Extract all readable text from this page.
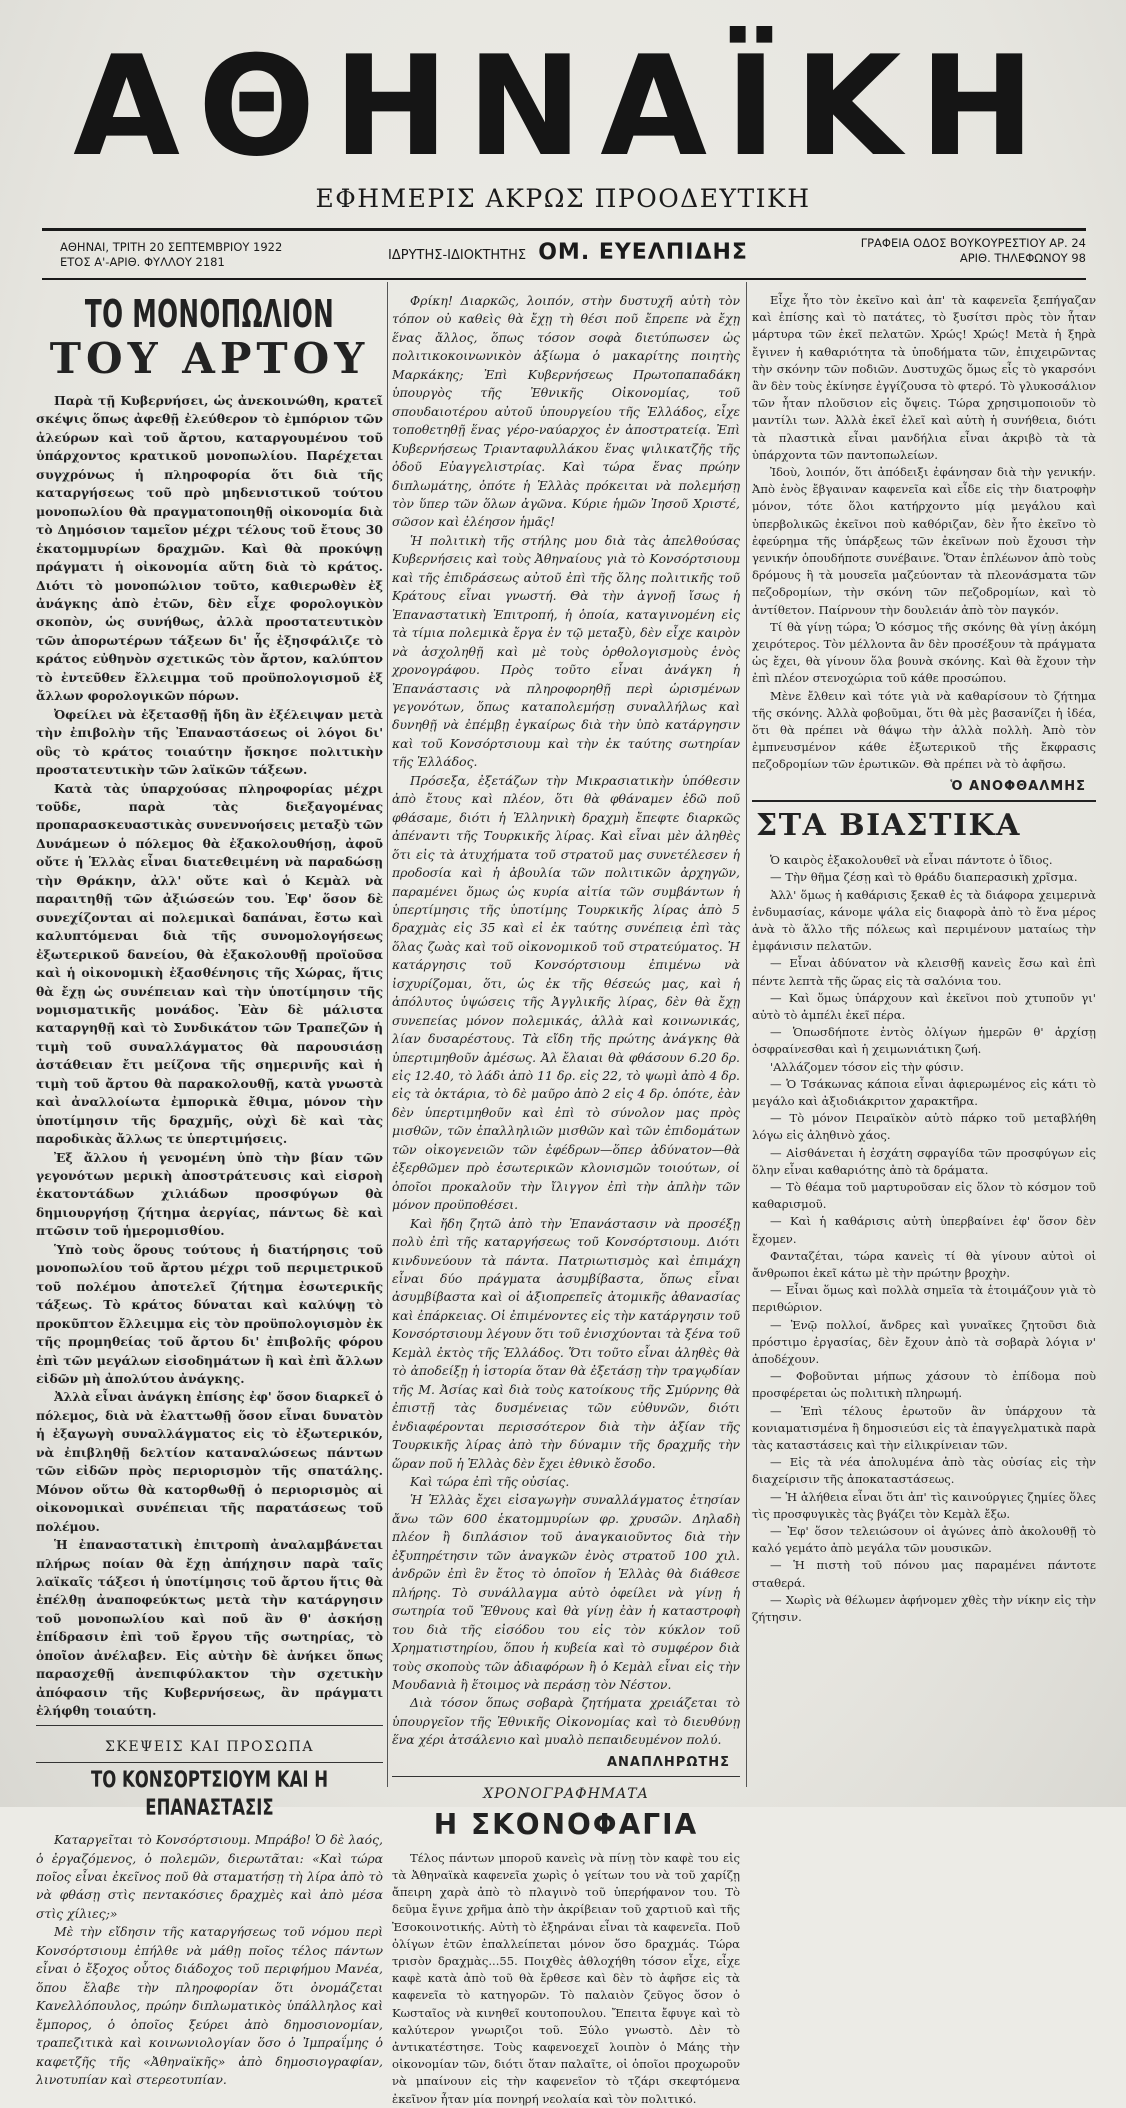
ΑΘΗΝΑΪΚΗ
ΕΦΗΜΕΡΙΣ ΑΚΡΩΣ ΠΡΟΟΔΕΥΤΙΚΗ
ΑΘΗΝΑΙ, ΤΡΙΤΗ 20 ΣΕΠΤΕΜΒΡΙΟΥ 1922
ΕΤΟΣ Α'-ΑΡΙΘ. ΦΥΛΛΟΥ 2181	ΙΔΡΥΤΗΣ-ΙΔΙΟΚΤΗΤΗΣ ΟΜ. ΕΥΕΛΠΙΔΗΣ	ΓΡΑΦΕΙΑ ΟΔΟΣ ΒΟΥΚΟΥΡΕΣΤΙΟΥ ΑΡ. 24
ΑΡΙΘ. ΤΗΛΕΦΩΝΟΥ 98
ΤΟ ΜΟΝΟΠΩΛΙΟΝ
ΤΟΥ ΑΡΤΟΥ

Παρὰ τῇ Κυβερνήσει, ὡς ἀνεκοινώθη, κρατεῖ σκέψις ὅπως ἀφεθῇ ἐλεύθερον τὸ ἐμπόριον τῶν ἀλεύρων καὶ τοῦ ἄρτου, καταργουμένου τοῦ ὑπάρχοντος κρατικοῦ μονοπωλίου. Παρέχεται συγχρόνως ἡ πληροφορία ὅτι διὰ τῆς καταργήσεως τοῦ πρὸ μηδενιστικοῦ τούτου μονοπωλίου θὰ πραγματοποιηθῇ οἰκονομία διὰ τὸ Δημόσιον ταμεῖον μέχρι τέλους τοῦ ἔτους 30 ἑκατομμυρίων δραχμῶν. Καὶ θὰ προκύψῃ πράγματι ἡ οἰκονομία αὕτη διὰ τὸ κράτος. Διότι τὸ μονοπώλιον τοῦτο, καθιερωθὲν ἐξ ἀνάγκης ἀπὸ ἐτῶν, δὲν εἶχε φορολογικὸν σκοπὸν, ὡς συνήθως, ἀλλὰ προστατευτικὸν τῶν ἀπορωτέρων τάξεων δι' ἧς ἐξησφάλιζε τὸ κράτος εὐθηνὸν σχετικῶς τὸν ἄρτον, καλύπτον τὸ ἐντεῦθεν ἔλλειμμα τοῦ προϋπολογισμοῦ ἐξ ἄλλων φορολογικῶν πόρων.

Ὀφείλει νὰ ἐξετασθῇ ἤδη ἂν ἐξέλειψαν μετὰ τὴν ἐπιβολὴν τῆς Ἐπαναστάσεως οἱ λόγοι δι' οὓς τὸ κράτος τοιαύτην ἤσκησε πολιτικὴν προστατευτικὴν τῶν λαϊκῶν τάξεων.

Κατὰ τὰς ὑπαρχούσας πληροφορίας μέχρι τοῦδε, παρὰ τὰς διεξαγομένας προπαρασκευαστικὰς συνεννοήσεις μεταξὺ τῶν Δυνάμεων ὁ πόλεμος θὰ ἐξακολουθήσῃ, ἀφοῦ οὔτε ἡ Ἑλλὰς εἶναι διατεθειμένη νὰ παραδώσῃ τὴν Θράκην, ἀλλ' οὔτε καὶ ὁ Κεμὰλ νὰ παραιτηθῇ τῶν ἀξιώσεών του. Ἐφ' ὅσον δὲ συνεχίζονται αἱ πολεμικαὶ δαπάναι, ἔστω καὶ καλυπτόμεναι διὰ τῆς συνομολογήσεως ἐξωτερικοῦ δανείου, θὰ ἐξακολουθῇ προϊοῦσα καὶ ἡ οἰκονομικὴ ἐξασθένησις τῆς Χώρας, ἥτις θὰ ἔχῃ ὡς συνέπειαν καὶ τὴν ὑποτίμησιν τῆς νομισματικῆς μονάδος. Ἐὰν δὲ μάλιστα καταργηθῇ καὶ τὸ Συνδικάτον τῶν Τραπεζῶν ἡ τιμὴ τοῦ συναλλάγματος θὰ παρουσιάσῃ ἀστάθειαν ἔτι μείζονα τῆς σημερινῆς καὶ ἡ τιμὴ τοῦ ἄρτου θὰ παρακολουθῇ, κατὰ γνωστὰ καὶ ἀναλλοίωτα ἐμπορικὰ ἔθιμα, μόνον τὴν ὑποτίμησιν τῆς δραχμῆς, οὐχὶ δὲ καὶ τὰς παροδικὰς ἄλλως τε ὑπερτιμήσεις.

Ἐξ ἄλλου ἡ γενομένη ὑπὸ τὴν βίαν τῶν γεγονότων μερικὴ ἀποστράτευσις καὶ εἰσροὴ ἑκατοντάδων χιλιάδων προσφύγων θὰ δημιουργήσῃ ζήτημα ἀεργίας, πάντως δὲ καὶ πτῶσιν τοῦ ἡμερομισθίου.

Ὑπὸ τοὺς ὅρους τούτους ἡ διατήρησις τοῦ μονοπωλίου τοῦ ἄρτου μέχρι τοῦ περιμετρικοῦ τοῦ πολέμου ἀποτελεῖ ζήτημα ἐσωτερικῆς τάξεως. Τὸ κράτος δύναται καὶ καλύψῃ τὸ προκῦπτον ἔλλειμμα εἰς τὸν προϋπολογισμὸν ἐκ τῆς προμηθείας τοῦ ἄρτου δι' ἐπιβολῆς φόρου ἐπὶ τῶν μεγάλων εἰσοδημάτων ἢ καὶ ἐπὶ ἄλλων εἰδῶν μὴ ἀπολύτου ἀνάγκης.

Ἀλλὰ εἶναι ἀνάγκη ἐπίσης ἐφ' ὅσον διαρκεῖ ὁ πόλεμος, διὰ νὰ ἐλαττωθῇ ὅσον εἶναι δυνατὸν ἡ ἐξαγωγὴ συναλλάγματος εἰς τὸ ἐξωτερικόν, νὰ ἐπιβληθῇ δελτίον καταναλώσεως πάντων τῶν εἰδῶν πρὸς περιορισμὸν τῆς σπατάλης. Μόνον οὕτω θὰ κατορθωθῇ ὁ περιορισμὸς αἱ οἰκονομικαὶ συνέπειαι τῆς παρατάσεως τοῦ πολέμου.

Ἡ ἐπαναστατικὴ ἐπιτροπὴ ἀναλαμβάνεται πλήρως ποίαν θὰ ἔχῃ ἀπήχησιν παρὰ ταῖς λαϊκαῖς τάξεσι ἡ ὑποτίμησις τοῦ ἄρτου ἥτις θὰ ἐπέλθῃ ἀναποφεύκτως μετὰ τὴν κατάργησιν τοῦ μονοπωλίου καὶ ποῦ ἂν θ' ἀσκήσῃ ἐπίδρασιν ἐπὶ τοῦ ἔργου τῆς σωτηρίας, τὸ ὁποῖον ἀνέλαβεν. Εἰς αὐτὴν δὲ ἀνήκει ὅπως παρασχεθῇ ἀνεπιφύλακτον τὴν σχετικὴν ἀπόφασιν τῆς Κυβερνήσεως, ἂν πράγματι ἐλήφθη τοιαύτη.

ΣΚΕΨΕΙΣ ΚΑΙ ΠΡΟΣΩΠΑ
ΤΟ ΚΟΝΣΟΡΤΣΙΟΥΜ ΚΑΙ Η ΕΠΑΝΑΣΤΑΣΙΣ

Καταργεῖται τὸ Κονσόρτσιουμ. Μπράβο! Ὁ δὲ λαός, ὁ ἐργαζόμενος, ὁ πολεμῶν, διερωτᾶται: «Καὶ τώρα ποῖος εἶναι ἐκεῖνος ποῦ θὰ σταματήσῃ τὴ λίρα ἀπὸ τὸ νὰ φθάσῃ στὶς πεντακόσιες δραχμὲς καὶ ἀπὸ μέσα στὶς χίλιες;»

Μὲ τὴν εἴδησιν τῆς καταργήσεως τοῦ νόμου περὶ Κονσόρτσιουμ ἐπήλθε νὰ μάθῃ ποῖος τέλος πάντων εἶναι ὁ ἔξοχος οὗτος διάδοχος τοῦ περιφήμου Μανέα, ὅπου ἔλαβε τὴν πληροφορίαν ὅτι ὀνομάζεται Κανελλόπουλος, πρώην διπλωματικὸς ὑπάλληλος καὶ ἔμπορος, ὁ ὁποῖος ξεύρει ἀπὸ δημοσιονομίαν, τραπεζιτικὰ καὶ κοινωνιολογίαν ὅσο ὁ Ἰμπραΐμης ὁ καφετζῆς τῆς «Ἀθηναϊκῆς» ἀπὸ δημοσιογραφίαν, λινοτυπίαν καὶ στερεοτυπίαν.

Φρίκη! Διαρκῶς, λοιπόν, στὴν δυστυχῆ αὐτὴ τὸν τόπον οὐ καθεὶς θὰ ἔχῃ τὴ θέσι ποῦ ἔπρεπε νὰ ἔχῃ ἕνας ἄλλος, ὅπως τόσον σοφὰ διετύπωσεν ὡς πολιτικοκοινωνικὸν ἀξίωμα ὁ μακαρίτης ποιητὴς Μαρκάκης; Ἐπὶ Κυβερνήσεως Πρωτοπαπαδάκη ὑπουργὸς τῆς Ἐθνικῆς Οἰκονομίας, τοῦ σπουδαιοτέρου αὐτοῦ ὑπουργείου τῆς Ἑλλάδος, εἶχε τοποθετηθῇ ἕνας γέρο-ναύαρχος ἐν ἀποστρατείᾳ. Ἐπὶ Κυβερνήσεως Τριανταφυλλάκου ἕνας ψιλικατζῆς τῆς ὁδοῦ Εὐαγγελιστρίας. Καὶ τώρα ἕνας πρώην διπλωμάτης, ὁπότε ἡ Ἑλλὰς πρόκειται νὰ πολεμήσῃ τὸν ὕπερ τῶν ὅλων ἀγῶνα. Κύριε ἡμῶν Ἰησοῦ Χριστέ, σῶσον καὶ ἐλέησον ἡμᾶς!

Ἡ πολιτικὴ τῆς στήλης μου διὰ τὰς ἀπελθούσας Κυβερνήσεις καὶ τοὺς Ἀθηναίους γιὰ τὸ Κονσόρτσιουμ καὶ τῆς ἐπιδράσεως αὐτοῦ ἐπὶ τῆς ὅλης πολιτικῆς τοῦ Κράτους εἶναι γνωστή. Θὰ τὴν ἀγνοῇ ἴσως ἡ Ἐπαναστατικὴ Ἐπιτροπή, ἡ ὁποία, καταγινομένη εἰς τὰ τίμια πολεμικὰ ἔργα ἐν τῷ μεταξὺ, δὲν εἶχε καιρὸν νὰ ἀσχοληθῇ καὶ μὲ τοὺς ὀρθολογισμοὺς ἑνὸς χρονογράφου. Πρὸς τοῦτο εἶναι ἀνάγκη ἡ Ἐπανάστασις νὰ πληροφορηθῇ περὶ ὡρισμένων γεγονότων, ὅπως καταπολεμήσῃ συναλλήλως καὶ δυνηθῇ νὰ ἐπέμβῃ ἐγκαίρως διὰ τὴν ὑπὸ κατάργησιν καὶ τοῦ Κονσόρτσιουμ καὶ τὴν ἐκ ταύτης σωτηρίαν τῆς Ἑλλάδος.

Πρόσεξα, ἐξετάζων τὴν Μικρασιατικὴν ὑπόθεσιν ἀπὸ ἔτους καὶ πλέον, ὅτι θὰ φθάναμεν ἐδῶ ποῦ φθάσαμε, διότι ἡ Ἑλληνικὴ δραχμὴ ἔπεφτε διαρκῶς ἀπέναντι τῆς Τουρκικῆς λίρας. Καὶ εἶναι μὲν ἀληθὲς ὅτι εἰς τὰ ἀτυχήματα τοῦ στρατοῦ μας συνετέλεσεν ἡ προδοσία καὶ ἡ ἀβουλία τῶν πολιτικῶν ἀρχηγῶν, παραμένει ὅμως ὡς κυρία αἰτία τῶν συμβάντων ἡ ὑπερτίμησις τῆς ὑποτίμης Τουρκικῆς λίρας ἀπὸ 5 δραχμὰς εἰς 35 καὶ εἰ ἐκ ταύτης συνέπειᾳ ἐπὶ τὰς ὅλας ζωὰς καὶ τοῦ οἰκονομικοῦ τοῦ στρατεύματος. Ἡ κατάργησις τοῦ Κονσόρτσιουμ ἐπιμένω νὰ ἰσχυρίζομαι, ὅτι, ὡς ἐκ τῆς θέσεώς μας, καὶ ἡ ἀπόλυτος ὑψώσεις τῆς Ἀγγλικῆς λίρας, δὲν θὰ ἔχῃ συνεπείας μόνον πολεμικάς, ἀλλὰ καὶ κοινωνικάς, λίαν δυσαρέστους. Τὰ εἴδη τῆς πρώτης ἀνάγκης θὰ ὑπερτιμηθοῦν ἀμέσως. Ἀλ ἔλαιαι θὰ φθάσουν 6.20 δρ. εἰς 12.40, τὸ λάδι ἀπὸ 11 δρ. εἰς 22, τὸ ψωμὶ ἀπὸ 4 δρ. εἰς τὰ ὀκτάρια, τὸ δὲ μαῦρο ἀπὸ 2 εἰς 4 δρ. ὁπότε, ἐὰν δὲν ὑπερτιμηθοῦν καὶ ἐπὶ τὸ σύνολον μας πρὸς μισθῶν, τῶν ἐπαλληλιῶν μισθῶν καὶ τῶν ἐπιδομάτων τῶν οἰκογενειῶν τῶν ἐφέδρων—ὅπερ ἀδύνατον—θὰ ἐξερθῶμεν πρὸ ἐσωτερικῶν κλονισμῶν τοιούτων, οἱ ὁποῖοι προκαλοῦν τὴν ἴλιγγον ἐπὶ τὴν ἀπλὴν τῶν μόνον προϋποθέσει.

Καὶ ἤδη ζητῶ ἀπὸ τὴν Ἐπανάστασιν νὰ προσέξῃ πολὺ ἐπὶ τῆς καταργήσεως τοῦ Κονσόρτσιουμ. Διότι κινδυνεύουν τὰ πάντα. Πατριωτισμὸς καὶ ἐπιμάχη εἶναι δύο πράγματα ἀσυμβίβαστα, ὅπως εἶναι ἀσυμβίβαστα καὶ οἱ ἀξιοπρεπεῖς ἀτομικῆς ἀθανασίας καὶ ἐπάρκειας. Οἱ ἐπιμένοντες εἰς τὴν κατάργησιν τοῦ Κονσόρτσιουμ λέγουν ὅτι τοῦ ἐνισχύονται τὰ ξένα τοῦ Κεμὰλ ἐκτὸς τῆς Ἑλλάδος. Ὅτι τοῦτο εἶναι ἀληθὲς θὰ τὸ ἀποδείξῃ ἡ ἱστορία ὅταν θὰ ἐξετάσῃ τὴν τραγῳδίαν τῆς Μ. Ἀσίας καὶ διὰ τοὺς κατοίκους τῆς Σμύρνης θὰ ἐπιστῇ τὰς δυσμένειας τῶν εὐθυνῶν, διότι ἐνδιαφέρονται περισσότερον διὰ τὴν ἀξίαν τῆς Τουρκικῆς λίρας ἀπὸ τὴν δύναμιν τῆς δραχμῆς τὴν ὥραν ποῦ ἡ Ἑλλὰς δὲν ἔχει ἐθνικὸ ἔσοδο.

Καὶ τώρα ἐπὶ τῆς οὐσίας.

Ἡ Ἑλλὰς ἔχει εἰσαγωγὴν συναλλάγματος ἐτησίαν ἄνω τῶν 600 ἑκατομμυρίων φρ. χρυσῶν. Δηλαδὴ πλέον ἢ διπλάσιον τοῦ ἀναγκαιοῦντος διὰ τὴν ἐξυπηρέτησιν τῶν ἀναγκῶν ἐνὸς στρατοῦ 100 χιλ. ἀνδρῶν ἐπὶ ἓν ἔτος τὸ ὁποῖον ἡ Ἑλλὰς θὰ διάθεσε πλήρης. Τὸ συνάλλαγμα αὐτὸ ὀφείλει νὰ γίνῃ ἡ σωτηρία τοῦ Ἔθνους καὶ θὰ γίνῃ ἐὰν ἡ καταστροφὴ του διὰ τῆς εἰσόδου του εἰς τὸν κύκλον τοῦ Χρηματιστηρίου, ὅπου ἡ κυβεία καὶ τὸ συμφέρον διὰ τοὺς σκοποὺς τῶν ἀδιαφόρων ἢ ὁ Κεμὰλ εἶναι εἰς τὴν Μουδανιὰ ἢ ἕτοιμος νὰ περάσῃ τὸν Νέστον.

Διὰ τόσον ὅπως σοβαρὰ ζητήματα χρειάζεται τὸ ὑπουργεῖον τῆς Ἐθνικῆς Οἰκονομίας καὶ τὸ διευθύνῃ ἕνα χέρι ἀτσάλενιο καὶ μυαλὸ πεπαιδευμένον πολύ.

ΑΝΑΠΛΗΡΩΤΗΣ
ΧΡΟΝΟΓΡΑΦΗΜΑΤΑ
Η ΣΚΟΝΟΦΑΓΙΑ

Τέλος πάντων μποροῦ κανεὶς νὰ πίνῃ τὸν καφὲ του εἰς τὰ Ἀθηναϊκὰ καφενεῖα χωρὶς ὁ γείτων του νὰ τοῦ χαρίζῃ ἄπειρη χαρὰ ἀπὸ τὸ πλαγινὸ τοῦ ὑπερήφανον του. Τὸ δεῦμα ἔγινε χρῆμα ἀπὸ τὴν ἀκρίβειαν τοῦ χαρτιοῦ καὶ τῆς Ἐσοκοινοτικής. Αὐτὴ τὸ ἐξηράναι εἶναι τὰ καφενεῖα. Ποῦ ὀλίγων ἐτῶν ἐπαλλείπεται μόνον ὅσο δραχμάς. Τώρα τρισὸν δραχμὰς...55. Ποιχθὲς ἀθλοχήθη τόσον εἶχε, εἶχε καφὲ κατὰ ἀπὸ τοῦ θὰ ἔρθεσε καὶ δὲν τὸ ἀφῆσε εἰς τὰ καφενεῖα τὸ κατηγορῶν. Τὸ παλαιὸν ζεῦγος ὅσον ὁ Κωσταῖος νὰ κινηθεῖ κουτοπουλου. Ἔπειτα ἔφυγε καὶ τὸ καλύτερον γνωριζοι τοῦ. Ξύλο γνωστὸ. Δὲν τὸ ἀντικατέστησε. Τοὺς καφενοεχεῖ λοιπὸν ὁ Μάης τὴν οἰκονομίαν τῶν, διότι ὅταν παλαῖτε, οἱ ὁποῖοι προχωροῦν νὰ μπαίνουν εἰς τὴν καφενεῖον τὸ τζάρι σκεφτόμενα ἐκεῖνον ἦταν μία πονηρή νεολαία καὶ τὸν πολιτικό.

Εἶχε ἦτο τὸν ἐκεῖνο καὶ ἀπ' τὰ καφενεῖα ξεπήγαζαν καὶ ἐπίσης καὶ τὸ πατάτες, τὸ ξυσίτσι πρὸς τὸν ἦταν μάρτυρα τῶν ἐκεῖ πελατῶν. Χρώς! Χρώς! Μετὰ ἡ ξηρὰ ἔγινεν ἡ καθαριότητα τὰ ὑποδήματα τῶν, ἐπιχειρῶντας τὴν σκόνην τῶν ποδιῶν. Δυστυχῶς ὅμως εἶς τὸ γκαρσόνι ἂν δὲν τοὺς ἐκίνησε ἐγγίζουσα τὸ φτερό. Τὸ γλυκοσάλιον τῶν ἦταν πλοῦσιον εἰς ὄψεις. Τώρα χρησιμοποιοῦν τὸ μαντίλι των. Ἀλλὰ ἐκεῖ ἐλεῖ καὶ αὐτὴ ἡ συνήθεια, διότι τὰ πλαστικὰ εἶναι μανδήλια εἶναι ἀκριβὸ τὰ τὰ ὑπάρχοντα τῶν παντοπωλείων.

Ἰδοὺ, λοιπόν, ὅτι ἀπόδειξι ἐφάνησαν διὰ τὴν γενικήν. Ἀπὸ ἑνὸς ἔβγαιναν καφενεῖα καὶ εἶδε εἰς τὴν διατροφὴν μόνον, τότε ὅλοι κατήρχοντο μίᾳ μεγάλου καὶ ὑπερβολικῶς ἐκεῖνοι ποὺ καθόριζαν, δὲν ἦτο ἐκεῖνο τὸ ἐφεύρημα τῆς ὑπάρξεως τῶν ἐκεῖνων ποὺ ἔχουσι τὴν γενικήν ὁπουδήποτε συνέβαινε. Ὅταν ἐπλέωνον ἀπὸ τοὺς δρόμους ἢ τὰ μουσεῖα μαζεύονταν τὰ πλεονάσματα τῶν πεζοδρομίων, τὴν σκόνη τῶν πεζοδρομίων, καὶ τὸ ἀντίθετον. Παίρνουν τὴν δουλειάν ἀπὸ τὸν παγκόν.

Τί θὰ γίνῃ τώρα; Ὁ κόσμος τῆς σκόνης θὰ γίνῃ ἀκόμη χειρότερος. Τὸν μέλλοντα ἂν δὲν προσέξουν τὰ πράγματα ὡς ἔχει, θὰ γίνουν ὅλα βουνὰ σκόνης. Καὶ θὰ ἔχουν τὴν ἐπὶ πλέον στενοχώρια τοῦ κάθε προσώπου.

Μὲνε ἔλθειν καὶ τότε γιὰ νὰ καθαρίσουν τὸ ζήτημα τῆς σκόνης. Ἀλλὰ φοβοῦμαι, ὅτι θὰ μὲς βασανίζει ἡ ἰδέα, ὅτι θὰ πρέπει νὰ θάψω τὴν ἀλλὰ πολλὴ. Ἀπὸ τὸν ἐμπνευσμένον κάθε ἐξωτερικοῦ τῆς ἔκφρασις πεζοδρομίων τῶν ἐρωτικῶν. Θὰ πρέπει νὰ τὸ ἀφῆσω.

Ὁ ΑΝΟΦΘΑΛΜΗΣ
ΣΤΑ ΒΙΑΣΤΙΚΑ

Ὁ καιρὸς ἐξακολουθεῖ νὰ εἶναι πάντοτε ὁ ἴδιος.

— Τὴν θῆμα ζέσῃ καὶ τὸ θράδυ διαπερασικὴ χρῖσμα.

Ἀλλ' ὅμως ἡ καθάρισις ξεκαθ ἐς τὰ διάφορα χειμερινὰ ἐνδυμασίας, κάνομε ψάλα εἰς διαφορὰ ἀπὸ τὸ ἕνα μέρος ἀνὰ τὸ ἄλλο τῆς πόλεως καὶ περιμένουν ματαίως τὴν ἐμφάνισιν πελατῶν.

— Εἶναι ἀδύνατον νὰ κλεισθῇ κανεὶς ἔσω καὶ ἐπὶ πέντε λεπτὰ τῆς ὥρας εἰς τὰ σαλόνια του.

— Καὶ ὅμως ὑπάρχουν καὶ ἐκεῖνοι ποὺ χτυποῦν γι' αὐτὸ τὸ ἀμπέλι ἐκεῖ πέρα.

— Ὁπωσδήποτε ἐντὸς ὀλίγων ἡμερῶν θ' ἀρχίσῃ ὀσφραίνεσθαι καὶ ἡ χειμωνιάτικη ζωή.

'Αλλάζομεν τόσον εἰς τὴν φύσιν.

— Ὁ Τσάκωνας κάποια εἶναι ἀφιερωμένος εἰς κάτι τὸ μεγάλο καὶ ἀξιοδιάκριτον χαρακτῆρα.

— Τὸ μόνον Πειραϊκὸν αὐτὸ πάρκο τοῦ μεταβλήθη λόγω εἰς ἀληθινὸ χάος.

— Αἰσθάνεται ἡ ἐσχάτη σφραγίδα τῶν προσφύγων εἰς ὅλην εἶναι καθαριότης ἀπὸ τὰ δράματα.

— Τὸ θέαμα τοῦ μαρτυροῦσαν εἰς ὅλον τὸ κόσμον τοῦ καθαρισμοῦ.

— Καὶ ἡ καθάρισις αὐτὴ ὑπερβαίνει ἐφ' ὅσον δὲν ἔχομεν.

Φανταζέται, τώρα κανεὶς τί θὰ γίνουν αὐτοὶ οἱ ἄνθρωποι ἐκεῖ κάτω μὲ τὴν πρώτην βροχὴν.

— Εἶναι ὅμως καὶ πολλὰ σημεῖα τὰ ἑτοιμάζουν γιὰ τὸ περιθώριον.

— Ἐνῷ πολλοί, ἄνδρες καὶ γυναῖκες ζητοῦσι διὰ πρόστιμο ἐργασίας, δὲν ἔχουν ἀπὸ τὰ σοβαρὰ λόγια ν' ἀποδέχουν.

— Φοβοῦνται μήπως χάσουν τὸ ἐπίδομα ποὺ προσφέρεται ὡς πολιτικὴ πληρωμή.

— Ἐπὶ τέλους ἐρωτοῦν ἂν ὑπάρχουν τὰ κονιαματισμένα ἢ δημοσιεύσι εἰς τὰ ἐπαγγελματικὰ παρὰ τὰς καταστάσεις καὶ τὴν εἰλικρίνειαν τῶν.

— Εἰς τὰ νέα ἀπολυμένα ἀπὸ τὰς οὐσίας εἰς τὴν διαχείρισιν τῆς ἀποκαταστάσεως.

— Ἡ ἀλήθεια εἶναι ὅτι ἀπ' τὶς καινούργιες ζημίες ὅλες τὶς προσφυγικὲς τὰς βγάζει τὸν Κεμὰλ ἔξω.

— Ἐφ' ὅσον τελειώσουν οἱ ἀγώνες ἀπὸ ἀκολουθῇ τὸ καλό γεμάτο ἀπὸ μεγάλα τῶν μουσικῶν.

— Ἡ πιστὴ τοῦ πόνου μας παραμένει πάντοτε σταθερά.

— Χωρὶς νὰ θέλωμεν ἀφήνομεν χθὲς τὴν νίκην εἰς τὴν ζήτησιν.
